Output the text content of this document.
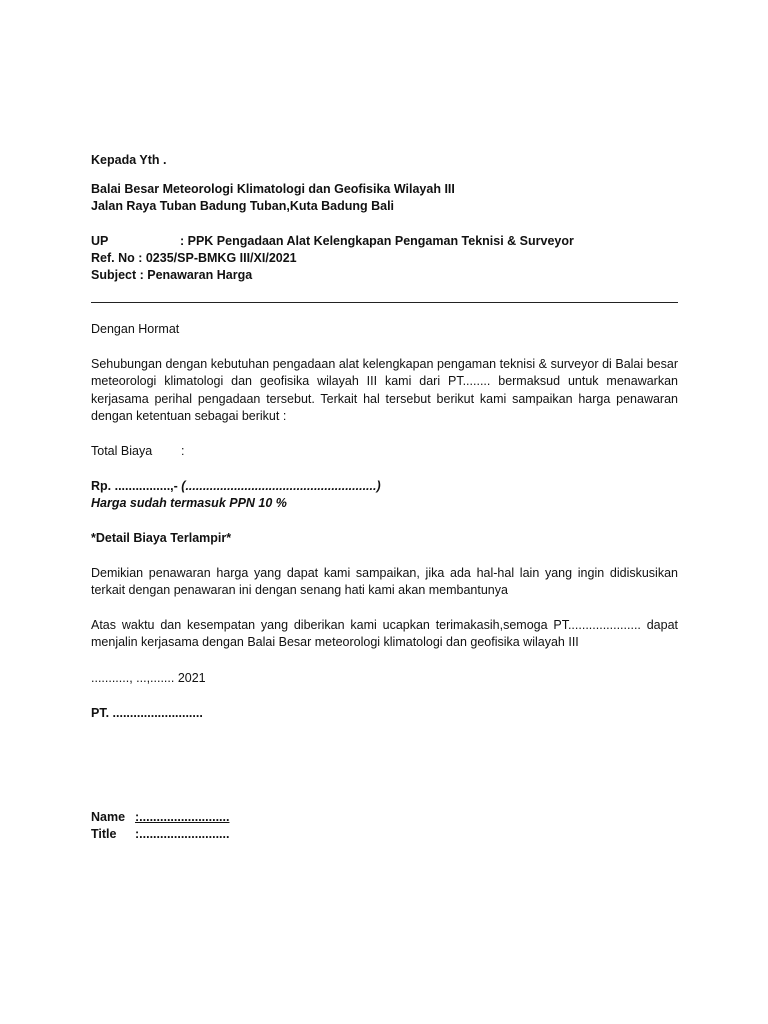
Kepada Yth .
Balai Besar Meteorologi Klimatologi dan Geofisika Wilayah III
Jalan Raya Tuban Badung Tuban,Kuta Badung Bali
UP	: PPK Pengadaan Alat Kelengkapan Pengaman Teknisi & Surveyor
Ref. No : 0235/SP-BMKG III/XI/2021
Subject : Penawaran Harga
Dengan Hormat
Sehubungan dengan kebutuhan pengadaan alat kelengkapan pengaman teknisi & surveyor di Balai besar meteorologi klimatologi dan geofisika wilayah III kami dari PT........ bermaksud untuk menawarkan kerjasama perihal pengadaan tersebut. Terkait hal tersebut berikut kami sampaikan harga penawaran dengan ketentuan sebagai berikut :
Total Biaya :
Rp. ................,- (.......................................................)
Harga sudah termasuk PPN 10 %
*Detail Biaya Terlampir*
Demikian penawaran harga yang dapat kami sampaikan, jika ada hal-hal lain yang ingin didiskusikan terkait dengan penawaran ini dengan senang hati kami akan membantunya
Atas waktu dan kesempatan yang diberikan kami ucapkan terimakasih,semoga PT..................... dapat menjalin kerjasama dengan Balai Besar meteorologi klimatologi dan geofisika wilayah III
..........., ...,....... 2021
PT. ..........................
Name :..........................
Title :..........................
